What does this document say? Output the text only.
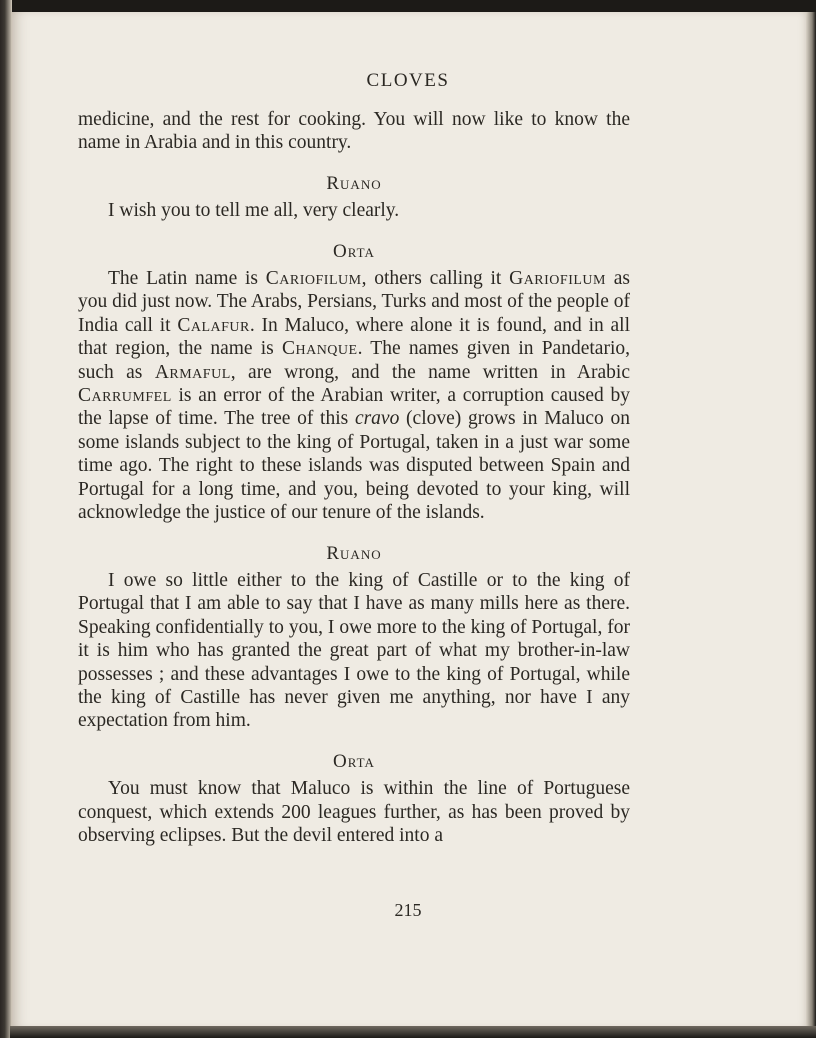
CLOVES

medicine, and the rest for cooking. You will now like to know the name in Arabia and in this country.

Ruano

I wish you to tell me all, very clearly.

Orta

The Latin name is Cariofilum, others calling it Gariofilum as you did just now. The Arabs, Persians, Turks and most of the people of India call it Calafur. In Maluco, where alone it is found, and in all that region, the name is Chanque. The names given in Pandetario, such as Armaful, are wrong, and the name written in Arabic Carrumfel is an error of the Arabian writer, a corruption caused by the lapse of time. The tree of this cravo (clove) grows in Maluco on some islands subject to the king of Portugal, taken in a just war some time ago. The right to these islands was disputed between Spain and Portugal for a long time, and you, being devoted to your king, will acknowledge the justice of our tenure of the islands.

Ruano

I owe so little either to the king of Castille or to the king of Portugal that I am able to say that I have as many mills here as there. Speaking confidentially to you, I owe more to the king of Portugal, for it is him who has granted the great part of what my brother-in-law possesses ; and these advantages I owe to the king of Portugal, while the king of Castille has never given me anything, nor have I any expectation from him.

Orta

You must know that Maluco is within the line of Portuguese conquest, which extends 200 leagues further, as has been proved by observing eclipses. But the devil entered into a

215
